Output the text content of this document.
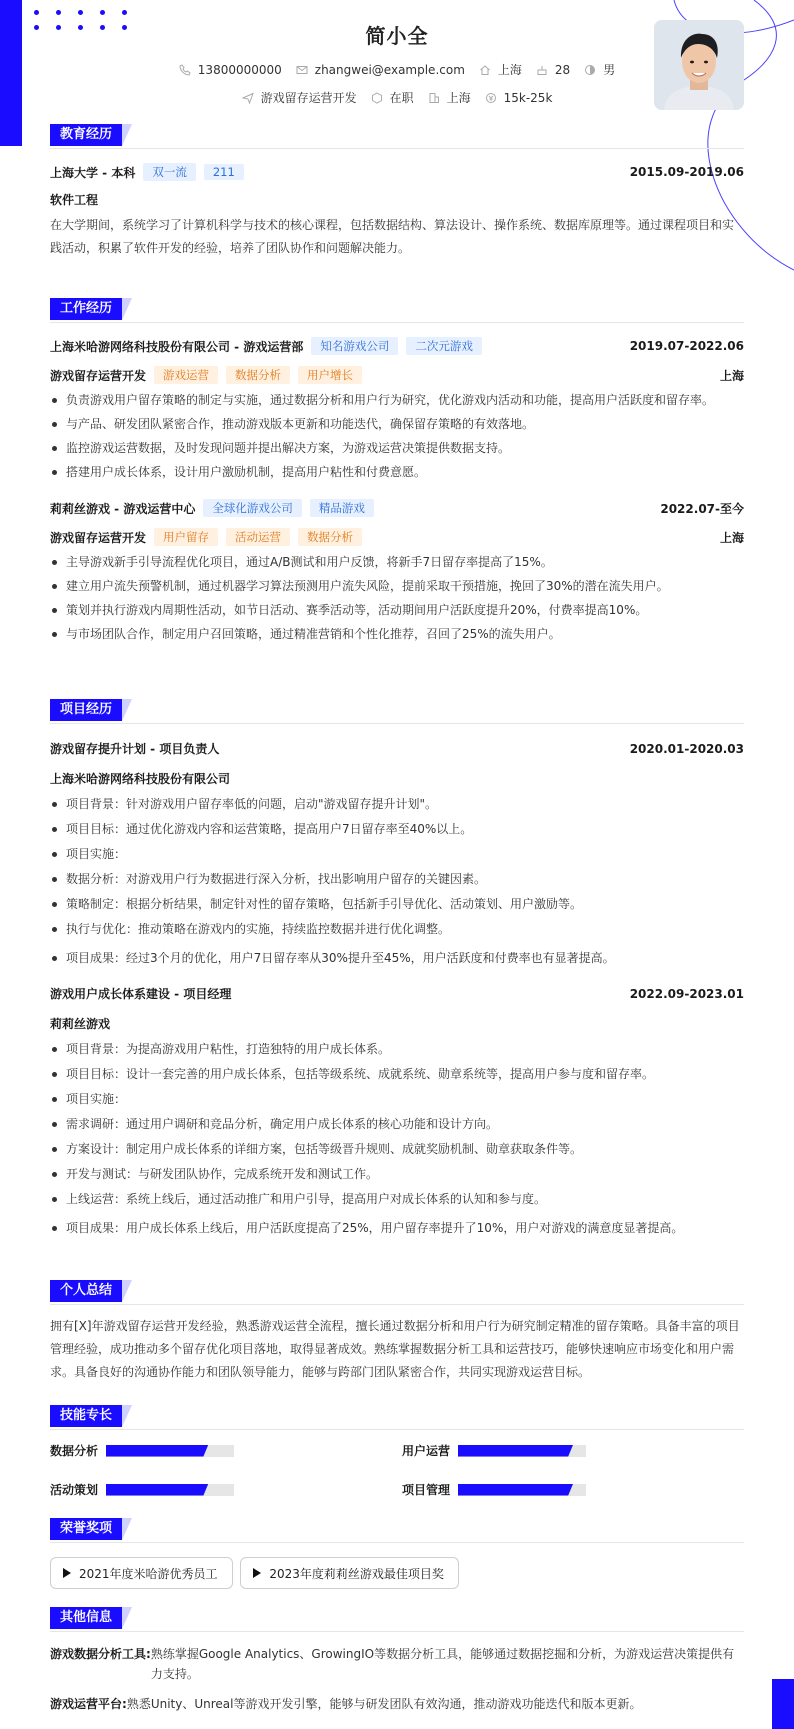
简小全
13800000000	zhangwei@example.com	上海	28	男
游戏留存运营开发	在职	上海	15k-25k
教育经历
上海大学 - 本科	双一流	211	2015.09-2019.06
软件工程
在大学期间，系统学习了计算机科学与技术的核心课程，包括数据结构、算法设计、操作系统、数据库原理等。通过课程项目和实践活动，积累了软件开发的经验，培养了团队协作和问题解决能力。
工作经历
上海米哈游网络科技股份有限公司 - 游戏运营部	知名游戏公司	二次元游戏	2019.07-2022.06
游戏留存运营开发	游戏运营	数据分析	用户增长	上海
负责游戏用户留存策略的制定与实施，通过数据分析和用户行为研究，优化游戏内活动和功能，提高用户活跃度和留存率。
与产品、研发团队紧密合作，推动游戏版本更新和功能迭代，确保留存策略的有效落地。
监控游戏运营数据，及时发现问题并提出解决方案，为游戏运营决策提供数据支持。
搭建用户成长体系，设计用户激励机制，提高用户粘性和付费意愿。
莉莉丝游戏 - 游戏运营中心	全球化游戏公司	精品游戏	2022.07-至今
游戏留存运营开发	用户留存	活动运营	数据分析	上海
主导游戏新手引导流程优化项目，通过A/B测试和用户反馈，将新手7日留存率提高了15%。
建立用户流失预警机制，通过机器学习算法预测用户流失风险，提前采取干预措施，挽回了30%的潜在流失用户。
策划并执行游戏内周期性活动，如节日活动、赛季活动等，活动期间用户活跃度提升20%，付费率提高10%。
与市场团队合作，制定用户召回策略，通过精准营销和个性化推荐，召回了25%的流失用户。
项目经历
游戏留存提升计划 - 项目负责人	2020.01-2020.03
上海米哈游网络科技股份有限公司
项目背景：针对游戏用户留存率低的问题，启动"游戏留存提升计划"。
项目目标：通过优化游戏内容和运营策略，提高用户7日留存率至40%以上。
项目实施：
数据分析：对游戏用户行为数据进行深入分析，找出影响用户留存的关键因素。
策略制定：根据分析结果，制定针对性的留存策略，包括新手引导优化、活动策划、用户激励等。
执行与优化：推动策略在游戏内的实施，持续监控数据并进行优化调整。
项目成果：经过3个月的优化，用户7日留存率从30%提升至45%，用户活跃度和付费率也有显著提高。
游戏用户成长体系建设 - 项目经理	2022.09-2023.01
莉莉丝游戏
项目背景：为提高游戏用户粘性，打造独特的用户成长体系。
项目目标：设计一套完善的用户成长体系，包括等级系统、成就系统、勋章系统等，提高用户参与度和留存率。
项目实施：
需求调研：通过用户调研和竞品分析，确定用户成长体系的核心功能和设计方向。
方案设计：制定用户成长体系的详细方案，包括等级晋升规则、成就奖励机制、勋章获取条件等。
开发与测试：与研发团队协作，完成系统开发和测试工作。
上线运营：系统上线后，通过活动推广和用户引导，提高用户对成长体系的认知和参与度。
项目成果：用户成长体系上线后，用户活跃度提高了25%，用户留存率提升了10%，用户对游戏的满意度显著提高。
个人总结
拥有[X]年游戏留存运营开发经验，熟悉游戏运营全流程，擅长通过数据分析和用户行为研究制定精准的留存策略。具备丰富的项目管理经验，成功推动多个留存优化项目落地，取得显著成效。熟练掌握数据分析工具和运营技巧，能够快速响应市场变化和用户需求。具备良好的沟通协作能力和团队领导能力，能够与跨部门团队紧密合作，共同实现游戏运营目标。
技能专长
数据分析	用户运营
活动策划	项目管理
荣誉奖项
2021年度米哈游优秀员工
	2023年度莉莉丝游戏最佳项目奖
其他信息
游戏数据分析工具: 熟练掌握Google Analytics、GrowingIO等数据分析工具，能够通过数据挖掘和分析，为游戏运营决策提供有力支持。
游戏运营平台: 熟悉Unity、Unreal等游戏开发引擎，能够与研发团队有效沟通，推动游戏功能迭代和版本更新。
